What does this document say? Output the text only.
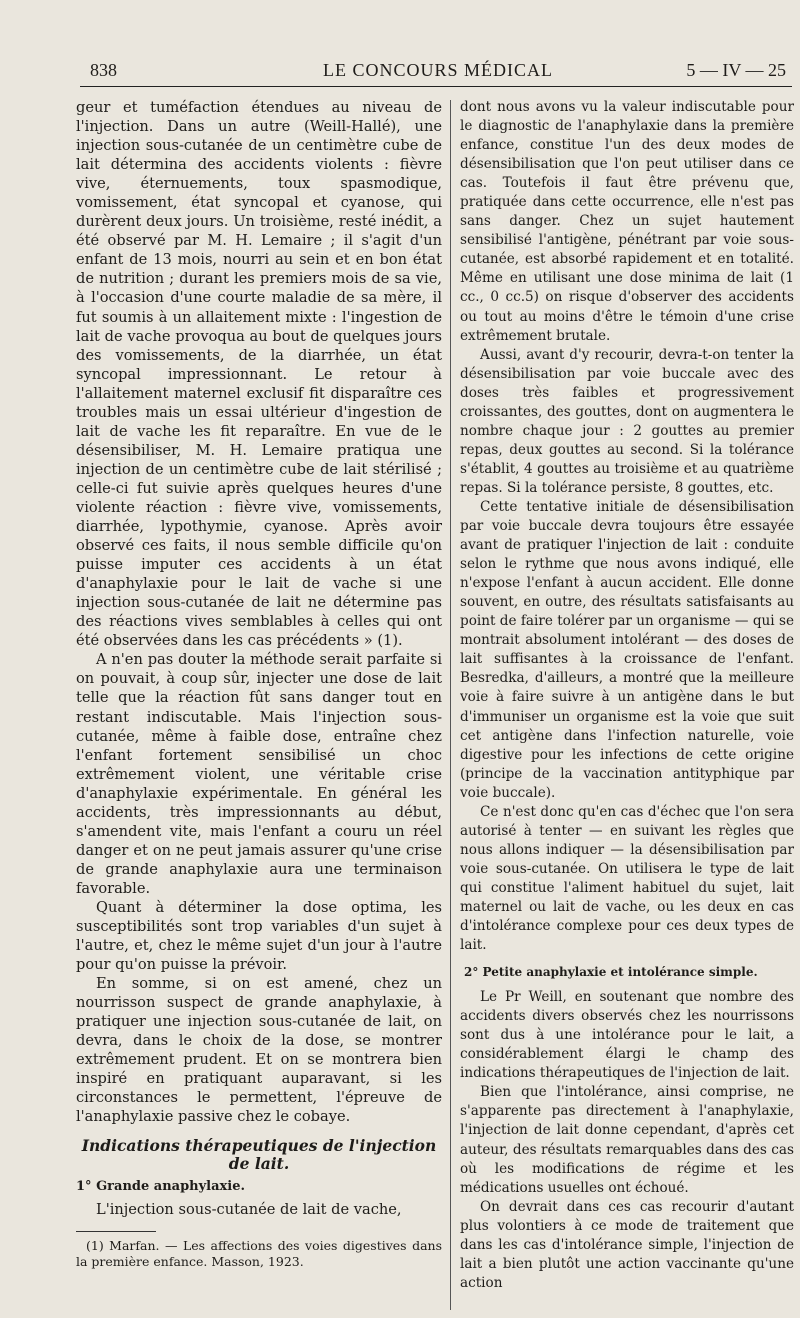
838	LE CONCOURS MÉDICAL	5 — IV — 25

geur et tuméfaction étendues au niveau de l'injection. Dans un autre (Weill-Hallé), une injection sous-cutanée de un centimètre cube de lait détermina des accidents violents : fièvre vive, éternuements, toux spasmodique, vomissement, état syncopal et cyanose, qui durèrent deux jours. Un troisième, resté inédit, a été observé par M. H. Lemaire ; il s'agit d'un enfant de 13 mois, nourri au sein et en bon état de nutrition ; durant les premiers mois de sa vie, à l'occasion d'une courte maladie de sa mère, il fut soumis à un allaitement mixte : l'ingestion de lait de vache provoqua au bout de quelques jours des vomissements, de la diarrhée, un état syncopal impressionnant. Le retour à l'allaitement maternel exclusif fit disparaître ces troubles mais un essai ultérieur d'ingestion de lait de vache les fit reparaître. En vue de le désensibiliser, M. H. Lemaire pratiqua une injection de un centimètre cube de lait stérilisé ; celle-ci fut suivie après quelques heures d'une violente réaction : fièvre vive, vomissements, diarrhée, lypothymie, cyanose. Après avoir observé ces faits, il nous semble difficile qu'on puisse imputer ces accidents à un état d'anaphylaxie pour le lait de vache si une injection sous-cutanée de lait ne détermine pas des réactions vives semblables à celles qui ont été observées dans les cas précédents » (1).

A n'en pas douter la méthode serait parfaite si on pouvait, à coup sûr, injecter une dose de lait telle que la réaction fût sans danger tout en restant indiscutable. Mais l'injection sous-cutanée, même à faible dose, entraîne chez l'enfant fortement sensibilisé un choc extrêmement violent, une véritable crise d'anaphylaxie expérimentale. En général les accidents, très impressionnants au début, s'amendent vite, mais l'enfant a couru un réel danger et on ne peut jamais assurer qu'une crise de grande anaphylaxie aura une terminaison favorable.

Quant à déterminer la dose optima, les susceptibilités sont trop variables d'un sujet à l'autre, et, chez le même sujet d'un jour à l'autre pour qu'on puisse la prévoir.

En somme, si on est amené, chez un nourrisson suspect de grande anaphylaxie, à pratiquer une injection sous-cutanée de lait, on devra, dans le choix de la dose, se montrer extrêmement prudent. Et on se montrera bien inspiré en pratiquant auparavant, si les circonstances le permettent, l'épreuve de l'anaphylaxie passive chez le cobaye.

Indications thérapeutiques de l'injection de lait.
1° Grande anaphylaxie.

L'injection sous-cutanée de lait de vache,

(1) Marfan. — Les affections des voies digestives dans la première enfance. Masson, 1923.

dont nous avons vu la valeur indiscutable pour le diagnostic de l'anaphylaxie dans la première enfance, constitue l'un des deux modes de désensibilisation que l'on peut utiliser dans ce cas. Toutefois il faut être prévenu que, pratiquée dans cette occurrence, elle n'est pas sans danger. Chez un sujet hautement sensibilisé l'antigène, pénétrant par voie sous-cutanée, est absorbé rapidement et en totalité. Même en utilisant une dose minima de lait (1 cc., 0 cc.5) on risque d'observer des accidents ou tout au moins d'être le témoin d'une crise extrêmement brutale.

Aussi, avant d'y recourir, devra-t-on tenter la désensibilisation par voie buccale avec des doses très faibles et progressivement croissantes, des gouttes, dont on augmentera le nombre chaque jour : 2 gouttes au premier repas, deux gouttes au second. Si la tolérance s'établit, 4 gouttes au troisième et au quatrième repas. Si la tolérance persiste, 8 gouttes, etc.

Cette tentative initiale de désensibilisation par voie buccale devra toujours être essayée avant de pratiquer l'injection de lait : conduite selon le rythme que nous avons indiqué, elle n'expose l'enfant à aucun accident. Elle donne souvent, en outre, des résultats satisfaisants au point de faire tolérer par un organisme — qui se montrait absolument intolérant — des doses de lait suffisantes à la croissance de l'enfant. Besredka, d'ailleurs, a montré que la meilleure voie à faire suivre à un antigène dans le but d'immuniser un organisme est la voie que suit cet antigène dans l'infection naturelle, voie digestive pour les infections de cette origine (principe de la vaccination antityphique par voie buccale).

Ce n'est donc qu'en cas d'échec que l'on sera autorisé à tenter — en suivant les règles que nous allons indiquer — la désensibilisation par voie sous-cutanée. On utilisera le type de lait qui constitue l'aliment habituel du sujet, lait maternel ou lait de vache, ou les deux en cas d'intolérance complexe pour ces deux types de lait.

2° Petite anaphylaxie et intolérance simple.

Le Pr Weill, en soutenant que nombre des accidents divers observés chez les nourrissons sont dus à une intolérance pour le lait, a considérablement élargi le champ des indications thérapeutiques de l'injection de lait.

Bien que l'intolérance, ainsi comprise, ne s'apparente pas directement à l'anaphylaxie, l'injection de lait donne cependant, d'après cet auteur, des résultats remarquables dans des cas où les modifications de régime et les médications usuelles ont échoué.

On devrait dans ces cas recourir d'autant plus volontiers à ce mode de traitement que dans les cas d'intolérance simple, l'injection de lait a bien plutôt une action vaccinante qu'une action
